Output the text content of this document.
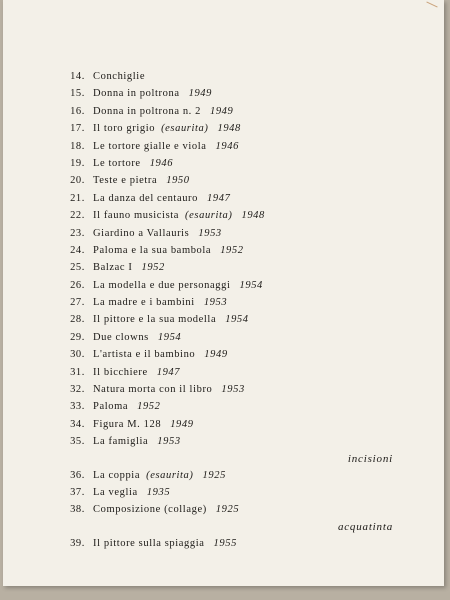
14. Conchiglie
15. Donna in poltrona 1949
16. Donna in poltrona n. 2 1949
17. Il toro grigio (esaurita) 1948
18. Le tortore gialle e viola 1946
19. Le tortore 1946
20. Teste e pietra 1950
21. La danza del centauro 1947
22. Il fauno musicista (esaurita) 1948
23. Giardino a Vallauris 1953
24. Paloma e la sua bambola 1952
25. Balzac I 1952
26. La modella e due personaggi 1954
27. La madre e i bambini 1953
28. Il pittore e la sua modella 1954
29. Due clowns 1954
30. L'artista e il bambino 1949
31. Il bicchiere 1947
32. Natura morta con il libro 1953
33. Paloma 1952
34. Figura M. 128 1949
35. La famiglia 1953
incisioni
36. La coppia (esaurita) 1925
37. La veglia 1935
38. Composizione (collage) 1925
acquatinta
39. Il pittore sulla spiaggia 1955
